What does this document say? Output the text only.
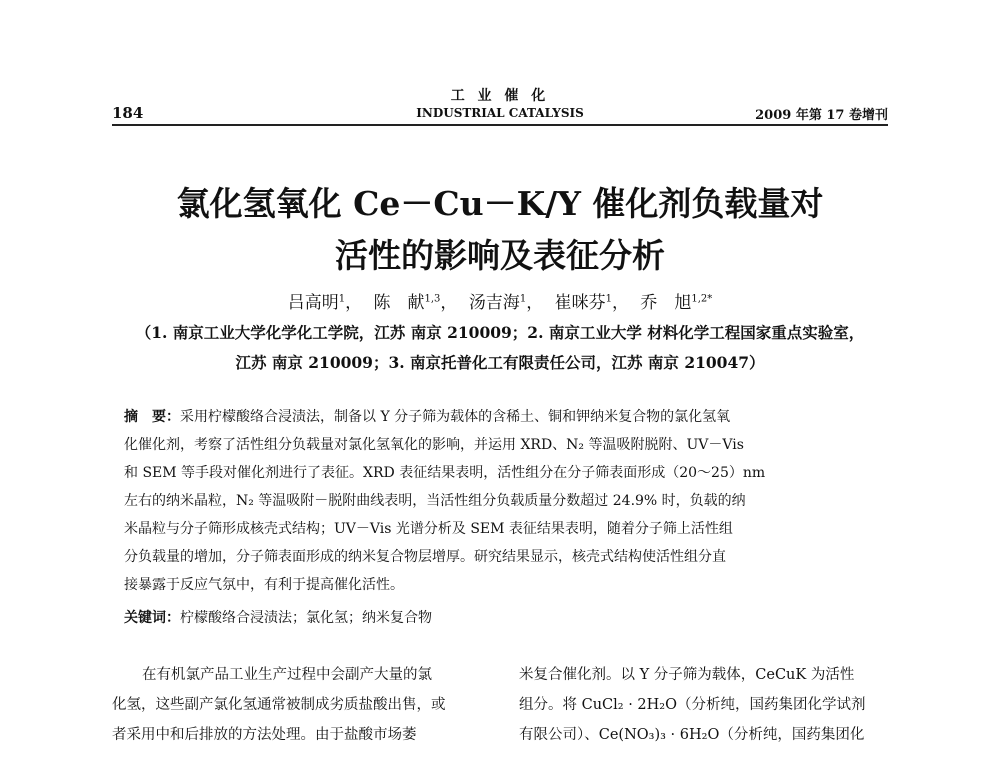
184
工 业 催 化
INDUSTRIAL CATALYSIS	2009 年第 17 卷增刊
氯化氢氧化 Ce－Cu－K/Y 催化剂负载量对
活性的影响及表征分析
吕高明$^1$， 陈　献$^{1,3}$， 汤吉海$^1$， 崔咪芬$^1$， 乔　旭$^{1,2*}$
（1. 南京工业大学化学化工学院，江苏 南京 210009；2. 南京工业大学 材料化学工程国家重点实验室，
江苏 南京 210009；3. 南京托普化工有限责任公司，江苏 南京 210047）
摘　要：采用柠檬酸络合浸渍法，制备以 Y 分子筛为载体的含稀土、铜和钾纳米复合物的氯化氢氧
化催化剂，考察了活性组分负载量对氯化氢氧化的影响，并运用 XRD、N₂ 等温吸附脱附、UV－Vis
和 SEM 等手段对催化剂进行了表征。XRD 表征结果表明，活性组分在分子筛表面形成（20～25）nm
左右的纳米晶粒，N₂ 等温吸附－脱附曲线表明，当活性组分负载质量分数超过 24.9% 时，负载的纳
米晶粒与分子筛形成核壳式结构；UV－Vis 光谱分析及 SEM 表征结果表明，随着分子筛上活性组
分负载量的增加，分子筛表面形成的纳米复合物层增厚。研究结果显示，核壳式结构使活性组分直
接暴露于反应气氛中，有利于提高催化活性。
关键词：柠檬酸络合浸渍法；氯化氢；纳米复合物
在有机氯产品工业生产过程中会副产大量的氯
化氢，这些副产氯化氢通常被制成劣质盐酸出售，或
者采用中和后排放的方法处理。由于盐酸市场萎
米复合催化剂。以 Y 分子筛为载体，CeCuK 为活性
组分。将 CuCl₂ · 2H₂O（分析纯，国药集团化学试剂
有限公司）、Ce(NO₃)₃ · 6H₂O（分析纯，国药集团化
